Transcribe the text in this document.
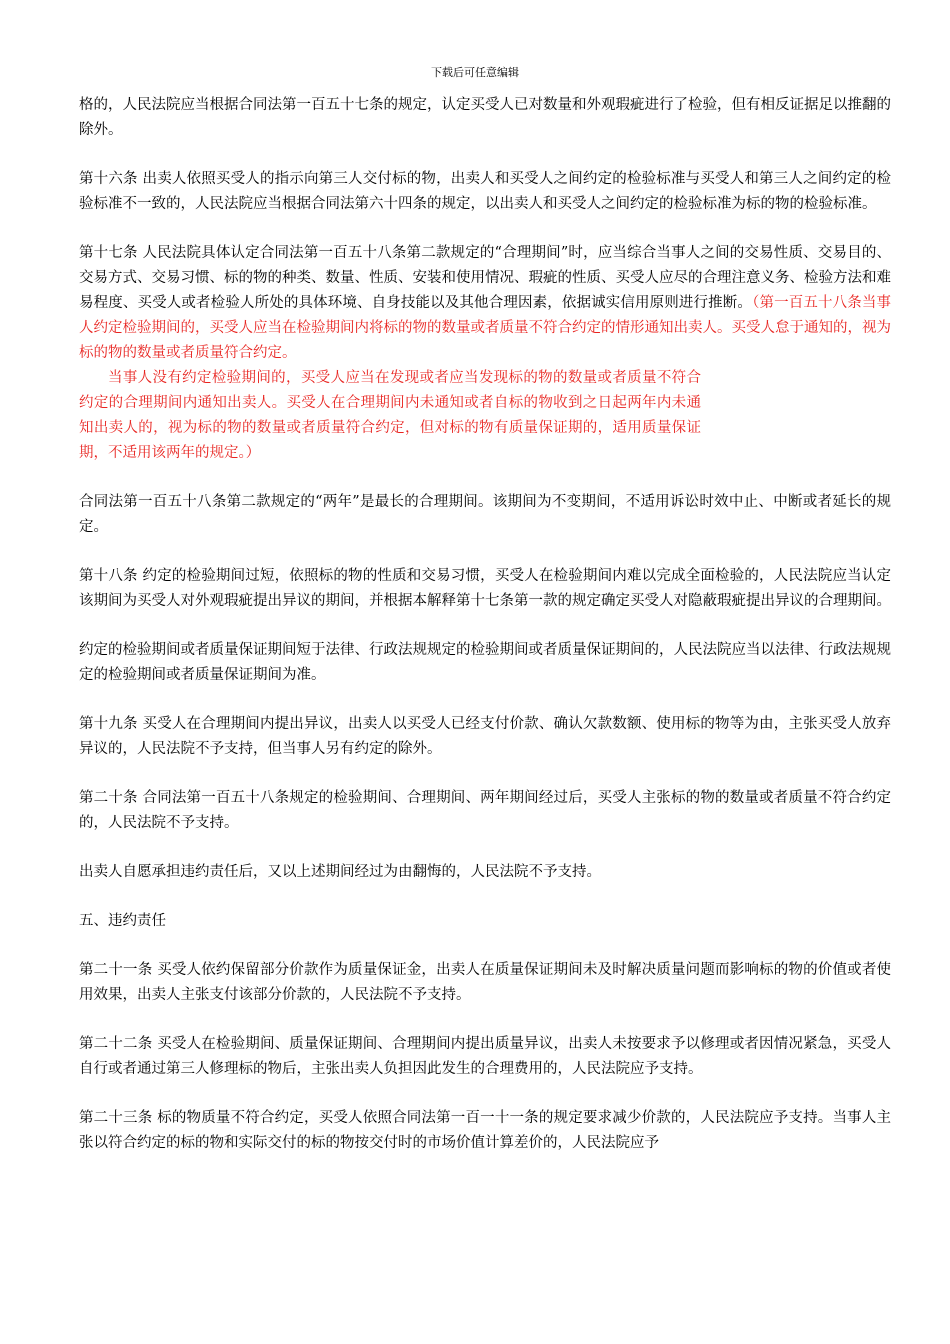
下载后可任意编辑

格的，人民法院应当根据合同法第一百五十七条的规定，认定买受人已对数量和外观瑕疵进行了检验，但有相反证据足以推翻的除外。

第十六条 出卖人依照买受人的指示向第三人交付标的物，出卖人和买受人之间约定的检验标准与买受人和第三人之间约定的检验标准不一致的，人民法院应当根据合同法第六十四条的规定，以出卖人和买受人之间约定的检验标准为标的物的检验标准。

第十七条 人民法院具体认定合同法第一百五十八条第二款规定的“合理期间”时，应当综合当事人之间的交易性质、交易目的、交易方式、交易习惯、标的物的种类、数量、性质、安装和使用情况、瑕疵的性质、买受人应尽的合理注意义务、检验方法和难易程度、买受人或者检验人所处的具体环境、自身技能以及其他合理因素，依据诚实信用原则进行推断。（第一百五十八条当事人约定检验期间的，买受人应当在检验期间内将标的物的数量或者质量不符合约定的情形通知出卖人。买受人怠于通知的，视为标的物的数量或者质量符合约定。

当事人没有约定检验期间的，买受人应当在发现或者应当发现标的物的数量或者质量不符合约定的合理期间内通知出卖人。买受人在合理期间内未通知或者自标的物收到之日起两年内未通知出卖人的，视为标的物的数量或者质量符合约定，但对标的物有质量保证期的，适用质量保证期，不适用该两年的规定。）

合同法第一百五十八条第二款规定的“两年”是最长的合理期间。该期间为不变期间，不适用诉讼时效中止、中断或者延长的规定。

第十八条 约定的检验期间过短，依照标的物的性质和交易习惯，买受人在检验期间内难以完成全面检验的，人民法院应当认定该期间为买受人对外观瑕疵提出异议的期间，并根据本解释第十七条第一款的规定确定买受人对隐蔽瑕疵提出异议的合理期间。

约定的检验期间或者质量保证期间短于法律、行政法规规定的检验期间或者质量保证期间的，人民法院应当以法律、行政法规规定的检验期间或者质量保证期间为准。

第十九条 买受人在合理期间内提出异议，出卖人以买受人已经支付价款、确认欠款数额、使用标的物等为由，主张买受人放弃异议的，人民法院不予支持，但当事人另有约定的除外。

第二十条 合同法第一百五十八条规定的检验期间、合理期间、两年期间经过后，买受人主张标的物的数量或者质量不符合约定的，人民法院不予支持。

出卖人自愿承担违约责任后，又以上述期间经过为由翻悔的，人民法院不予支持。

五、违约责任

第二十一条 买受人依约保留部分价款作为质量保证金，出卖人在质量保证期间未及时解决质量问题而影响标的物的价值或者使用效果，出卖人主张支付该部分价款的，人民法院不予支持。

第二十二条 买受人在检验期间、质量保证期间、合理期间内提出质量异议，出卖人未按要求予以修理或者因情况紧急，买受人自行或者通过第三人修理标的物后，主张出卖人负担因此发生的合理费用的，人民法院应予支持。

第二十三条 标的物质量不符合约定，买受人依照合同法第一百一十一条的规定要求减少价款的，人民法院应予支持。当事人主张以符合约定的标的物和实际交付的标的物按交付时的市场价值计算差价的，人民法院应予
